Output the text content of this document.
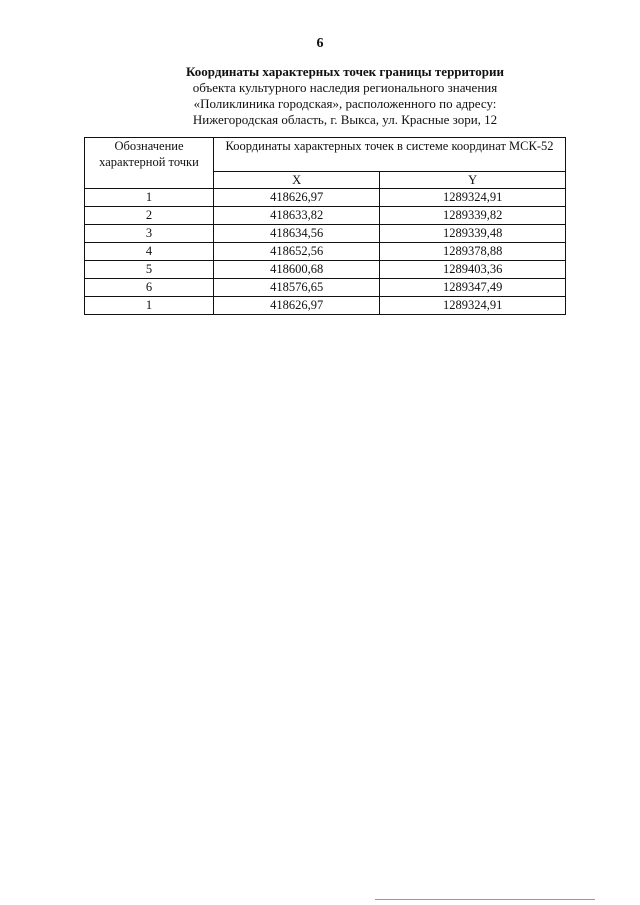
6
Координаты характерных точек границы территории
объекта культурного наследия регионального значения
«Поликлиника городская», расположенного по адресу:
Нижегородская область, г. Выкса, ул. Красные зори, 12
Обозначение характерной точки	Координаты характерных точек в системе координат МСК-52	
	X	Y
1	418626,97	1289324,91
2	418633,82	1289339,82
3	418634,56	1289339,48
4	418652,56	1289378,88
5	418600,68	1289403,36
6	418576,65	1289347,49
1	418626,97	1289324,91
